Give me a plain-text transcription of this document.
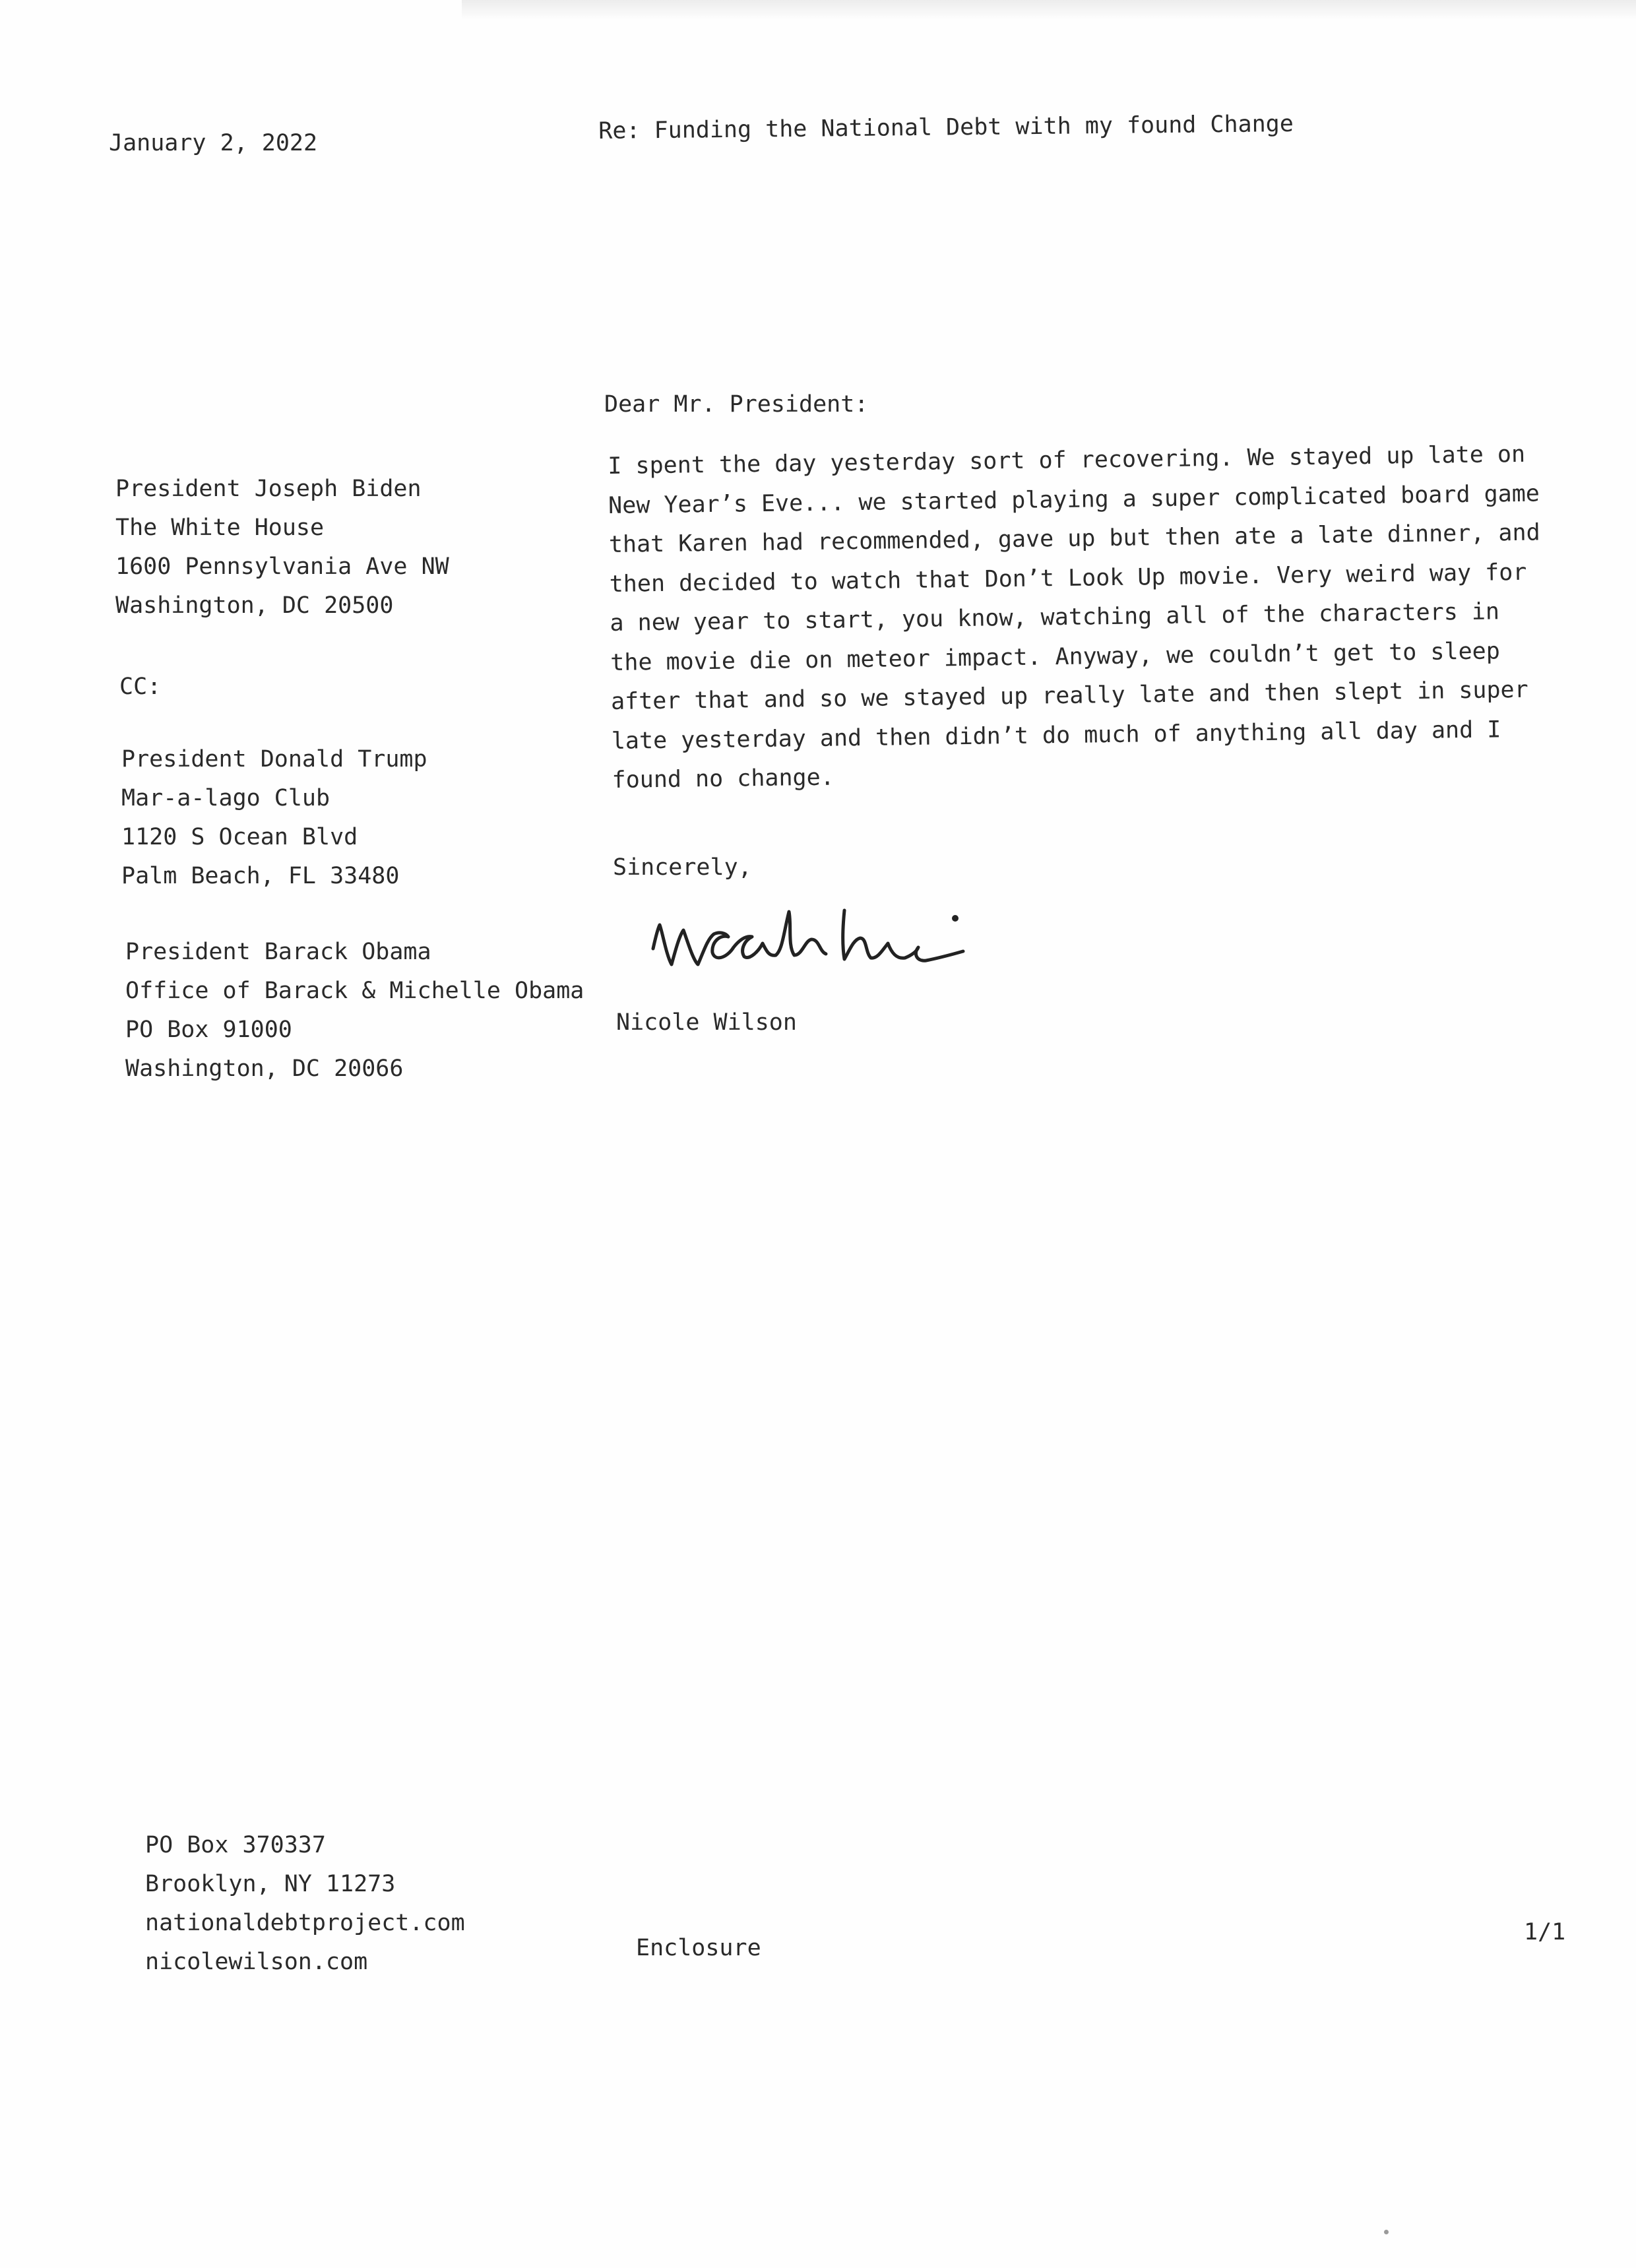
January 2, 2022	Re: Funding the National Debt with my found Change
Dear Mr. President:
President Joseph Biden
The White House
1600 Pennsylvania Ave NW
Washington, DC 20500
CC:
President Donald Trump
Mar-a-lago Club
1120 S Ocean Blvd
Palm Beach, FL 33480
President Barack Obama
Office of Barack & Michelle Obama
PO Box 91000
Washington, DC 20066
I spent the day yesterday sort of recovering. We stayed up late on
New Year’s Eve... we started playing a super complicated board game
that Karen had recommended, gave up but then ate a late dinner, and
then decided to watch that Don’t Look Up movie. Very weird way for
a new year to start, you know, watching all of the characters in
the movie die on meteor impact. Anyway, we couldn’t get to sleep
after that and so we stayed up really late and then slept in super
late yesterday and then didn’t do much of anything all day and I
found no change.
Sincerely,
Nicole Wilson
PO Box 370337
Brooklyn, NY 11273
nationaldebtproject.com
nicolewilson.com
Enclosure
1/1
